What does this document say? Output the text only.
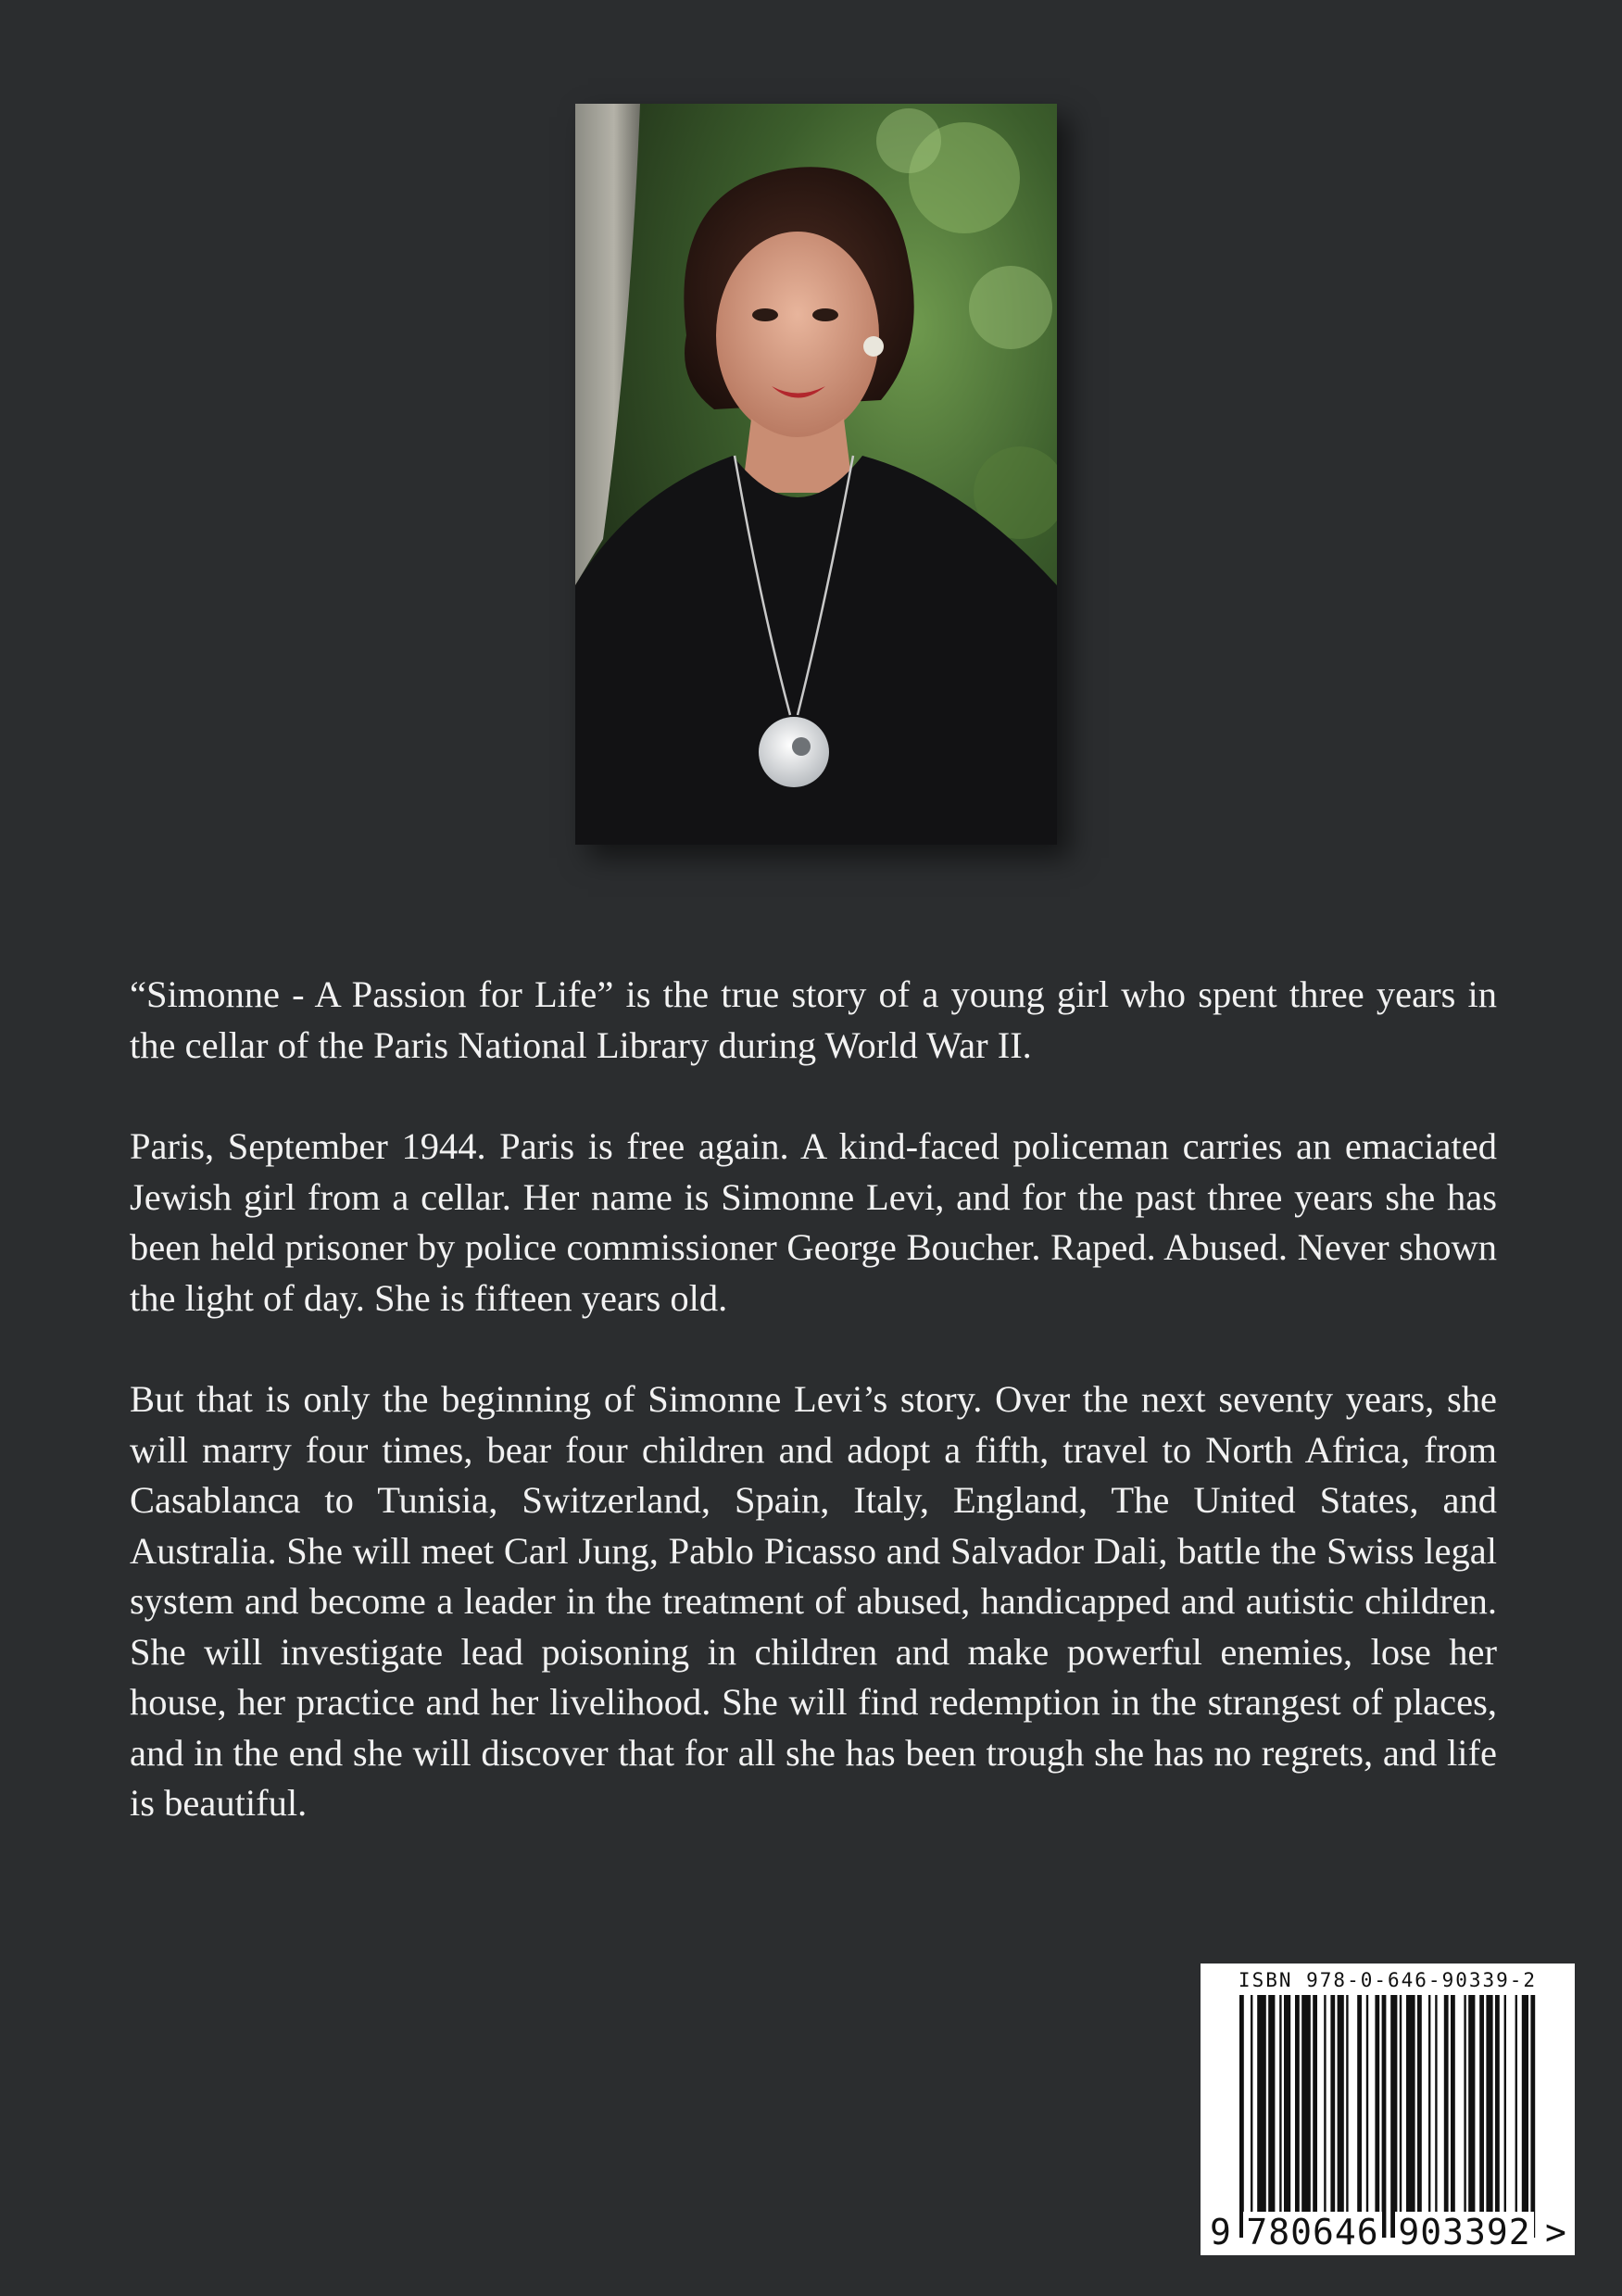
“Simonne - A Passion for Life” is the true story of a young girl who spent three years in the cellar of the Paris National Library during World War II.

Paris, September 1944. Paris is free again. A kind-faced policeman carries an emaciated Jewish girl from a cellar. Her name is Simonne Levi, and for the past three years she has been held prisoner by police commissioner George Boucher. Raped. Abused. Never shown the light of day. She is fifteen years old.

But that is only the beginning of Simonne Levi’s story. Over the next seventy years, she will marry four times, bear four children and adopt a fifth, travel to North Africa, from Casablanca to Tunisia, Switzerland, Spain, Italy, England, The United States, and Australia. She will meet Carl Jung, Pablo Picasso and Salvador Dali, battle the Swiss legal system and become a leader in the treatment of abused, handicapped and autistic children. She will investigate lead poisoning in children and make powerful enemies, lose her house, her practice and her livelihood. She will find redemption in the strangest of places, and in the end she will discover that for all she has been trough she has no regrets, and life is beautiful.

ISBN 978-0-646-90339-2
9 780646 903392 >
